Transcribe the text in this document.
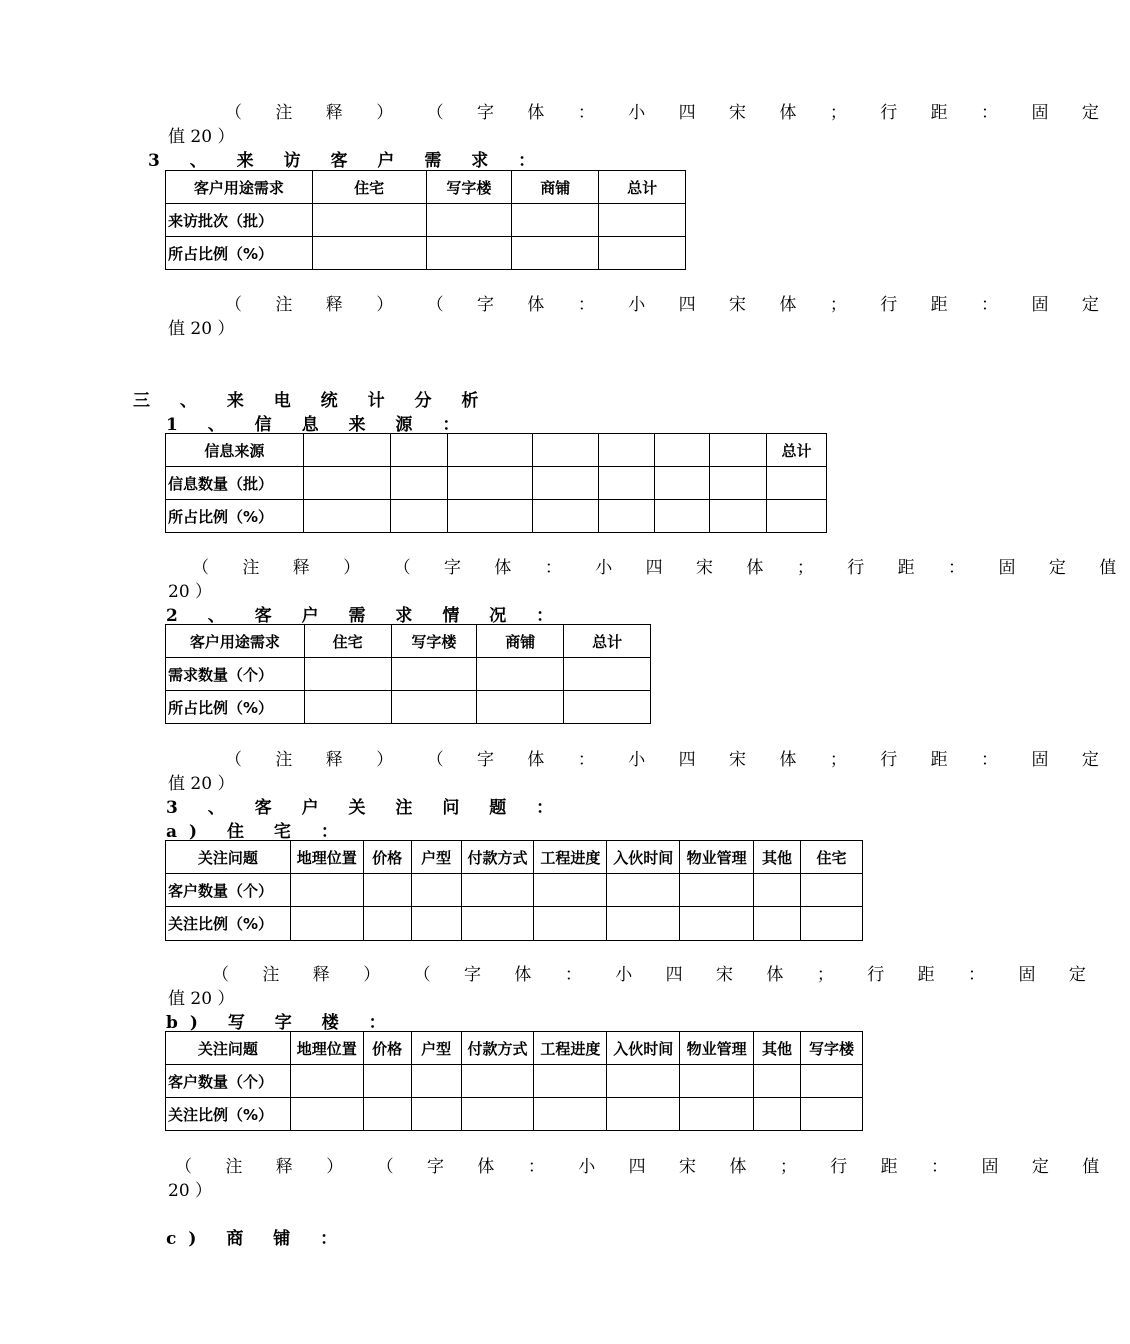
（ 注 释 ） （ 字 体 ： 小 四 宋 体 ； 行 距 ： 固 定
值 20 ）
3 、 来 访 客 户 需 求 ：
客户用途需求	住宅	写字楼	商铺	总计
来访批次（批）				
所占比例（%）				
（ 注 释 ） （ 字 体 ： 小 四 宋 体 ； 行 距 ： 固 定
值 20 ）
三 、 来 电 统 计 分 析
1 、 信 息 来 源 ：
信息来源								总计
信息数量（批）								
所占比例（%）								
（ 注 释 ） （ 字 体 ： 小 四 宋 体 ； 行 距 ： 固 定 值
20 ）
2 、 客 户 需 求 情 况 ：
客户用途需求	住宅	写字楼	商铺	总计
需求数量（个）				
所占比例（%）				
（ 注 释 ） （ 字 体 ： 小 四 宋 体 ； 行 距 ： 固 定
值 20 ）
3 、 客 户 关 注 问 题 ：
a) 住 宅 ：
关注问题	地理位置	价格	户型	付款方式	工程进度	入伙时间	物业管理	其他	住宅
客户数量（个）									
关注比例（%）									
（ 注 释 ） （ 字 体 ： 小 四 宋 体 ； 行 距 ： 固 定
值 20 ）
b) 写 字 楼 ：
关注问题	地理位置	价格	户型	付款方式	工程进度	入伙时间	物业管理	其他	写字楼
客户数量（个）									
关注比例（%）									
（ 注 释 ） （ 字 体 ： 小 四 宋 体 ； 行 距 ： 固 定 值
20 ）
c) 商 铺 ：
